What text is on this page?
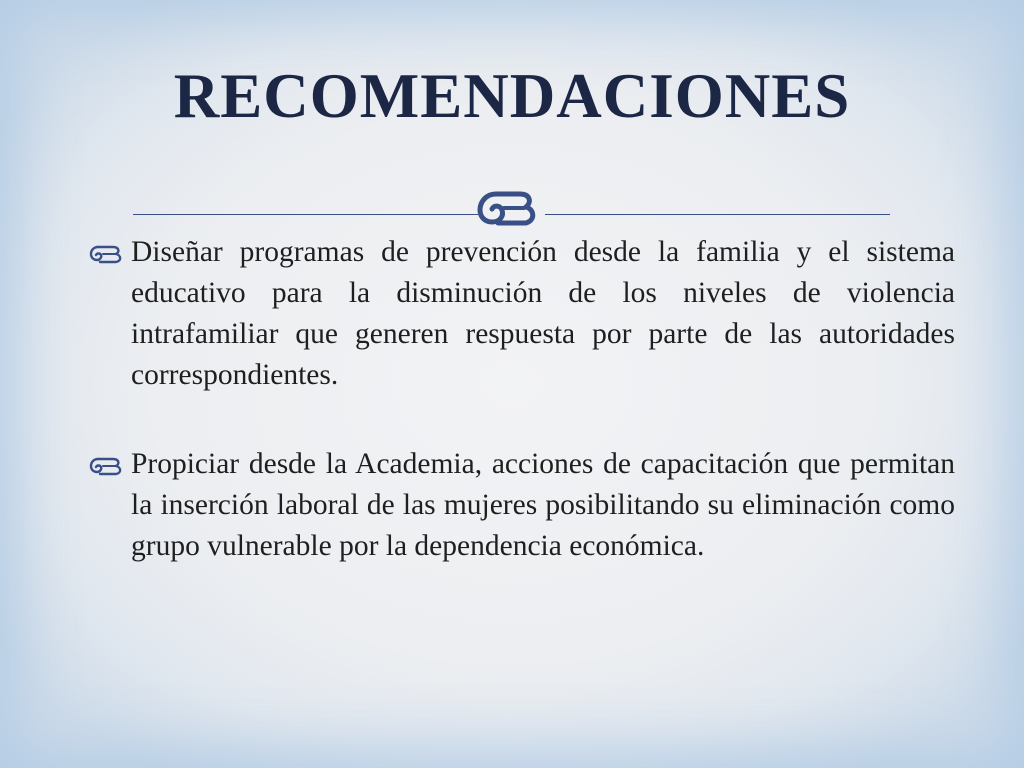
RECOMENDACIONES
Diseñar programas de prevención desde la familia y el sistema educativo para la disminución de los niveles de violencia intrafamiliar que generen respuesta por parte de las autoridades correspondientes.
Propiciar desde la Academia, acciones de capacitación que permitan la inserción laboral de las mujeres posibilitando su eliminación como grupo vulnerable por la dependencia económica.
